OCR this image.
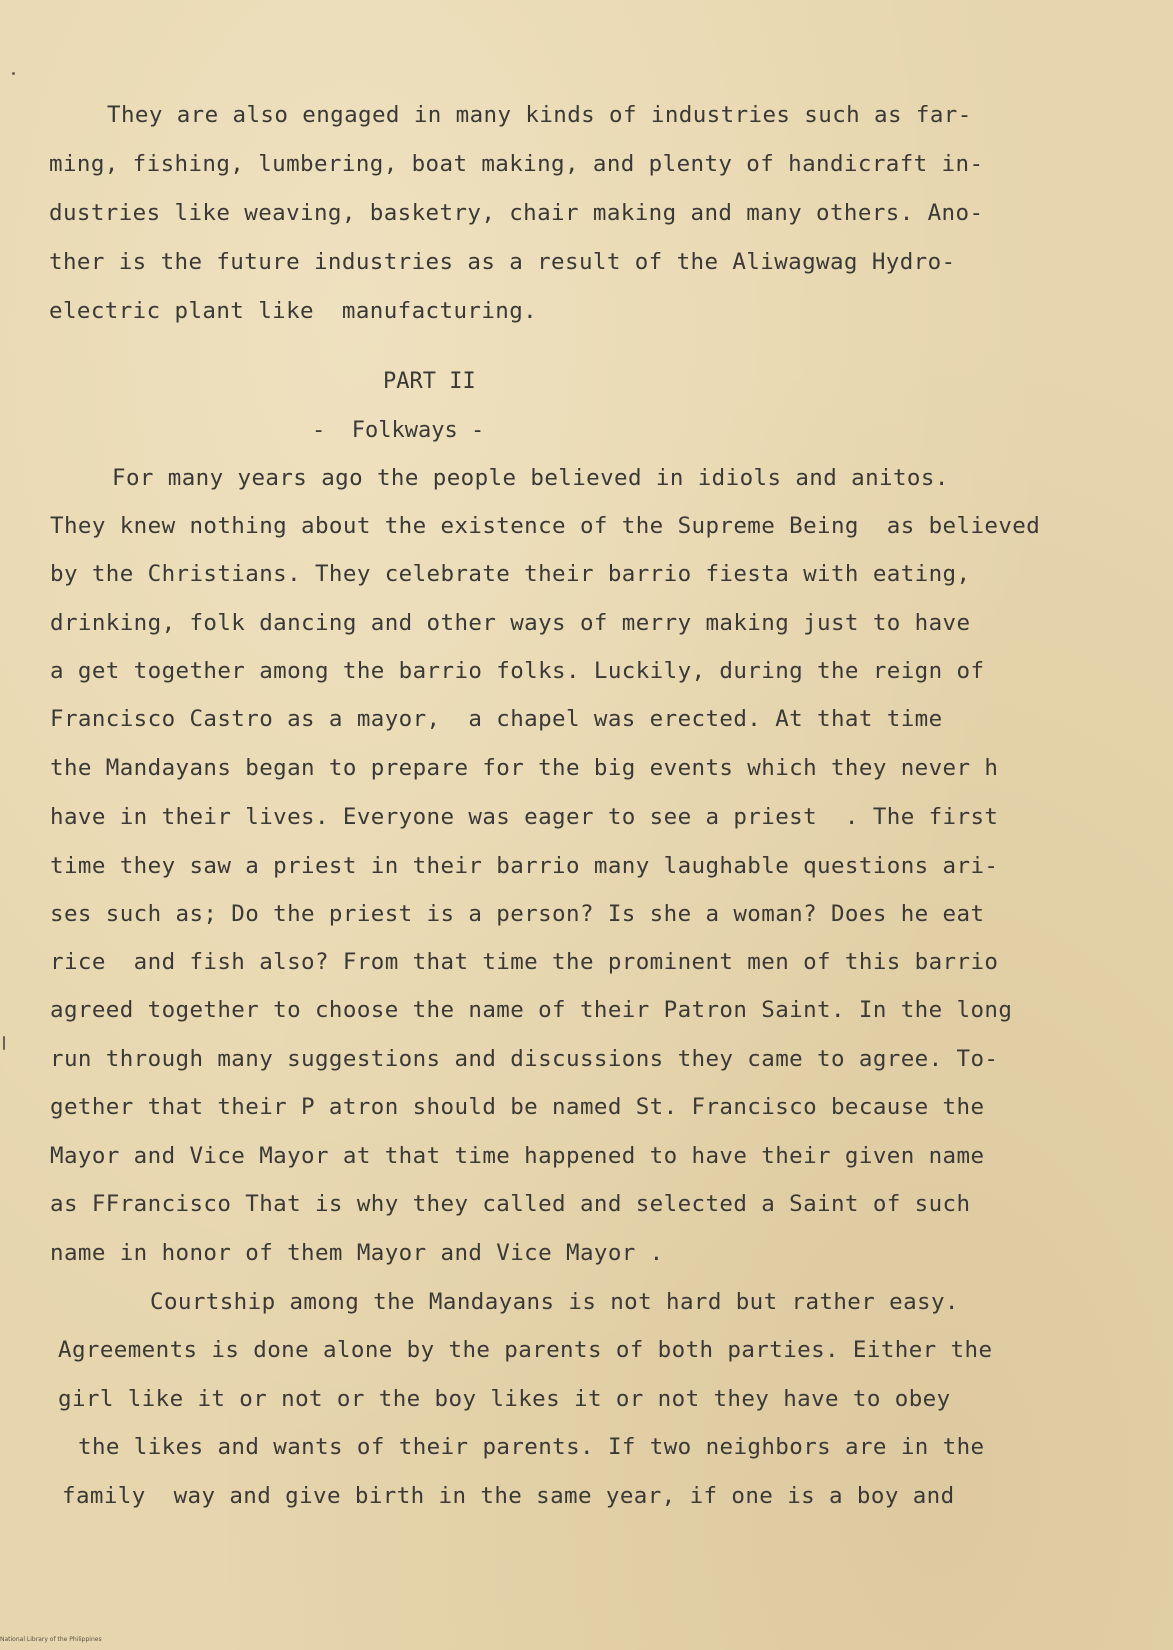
They are also engaged in many kinds of industries such as far-
ming, fishing, lumbering, boat making, and plenty of handicraft in-
dustries like weaving, basketry, chair making and many others. Ano-
ther is the future industries as a result of the Aliwagwag Hydro-
electric plant like  manufacturing.
PART II
-  Folkways -
For many years ago the people believed in idiols and anitos.
They knew nothing about the existence of the Supreme Being  as believed
by the Christians. They celebrate their barrio fiesta with eating,
drinking, folk dancing and other ways of merry making just to have
a get together among the barrio folks. Luckily, during the reign of
Francisco Castro as a mayor,  a chapel was erected. At that time
the Mandayans began to prepare for the big events which they never h
have in their lives. Everyone was eager to see a priest  . The first
time they saw a priest in their barrio many laughable questions ari-
ses such as; Do the priest is a person? Is she a woman? Does he eat
rice  and fish also? From that time the prominent men of this barrio
agreed together to choose the name of their Patron Saint. In the long
run through many suggestions and discussions they came to agree. To-
gether that their P atron should be named St. Francisco because the
Mayor and Vice Mayor at that time happened to have their given name
as FFrancisco That is why they called and selected a Saint of such
name in honor of them Mayor and Vice Mayor .
Courtship among the Mandayans is not hard but rather easy.
Agreements is done alone by the parents of both parties. Either the
girl like it or not or the boy likes it or not they have to obey
the likes and wants of their parents. If two neighbors are in the
family  way and give birth in the same year, if one is a boy and
National Library of the Philippines
